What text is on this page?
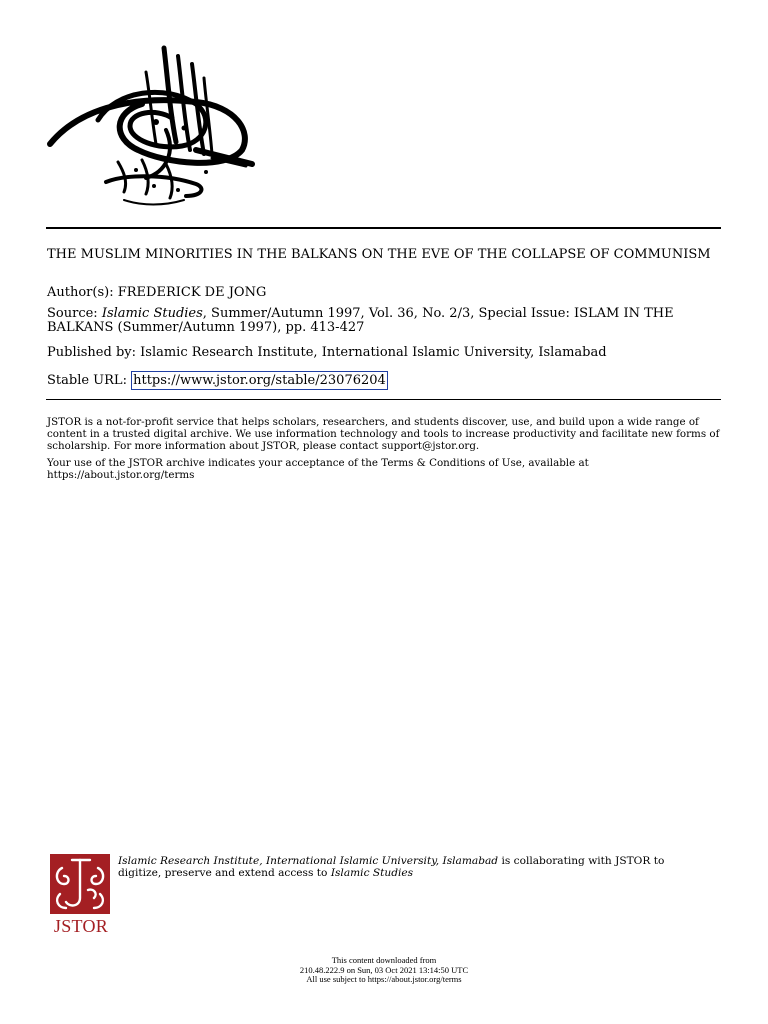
THE MUSLIM MINORITIES IN THE BALKANS ON THE EVE OF THE COLLAPSE OF COMMUNISM
Author(s): FREDERICK DE JONG
Source: Islamic Studies, Summer/Autumn 1997, Vol. 36, No. 2/3, Special Issue: ISLAM IN THE BALKANS (Summer/Autumn 1997), pp. 413-427
Published by: Islamic Research Institute, International Islamic University, Islamabad
Stable URL: https://www.jstor.org/stable/23076204
JSTOR is a not-for-profit service that helps scholars, researchers, and students discover, use, and build upon a wide range of content in a trusted digital archive. We use information technology and tools to increase productivity and facilitate new forms of scholarship. For more information about JSTOR, please contact support@jstor.org.
Your use of the JSTOR archive indicates your acceptance of the Terms & Conditions of Use, available at https://about.jstor.org/terms
JSTOR
Islamic Research Institute, International Islamic University, Islamabad is collaborating with JSTOR to digitize, preserve and extend access to Islamic Studies
This content downloaded from
210.48.222.9 on Sun, 03 Oct 2021 13:14:50 UTC
All use subject to https://about.jstor.org/terms
